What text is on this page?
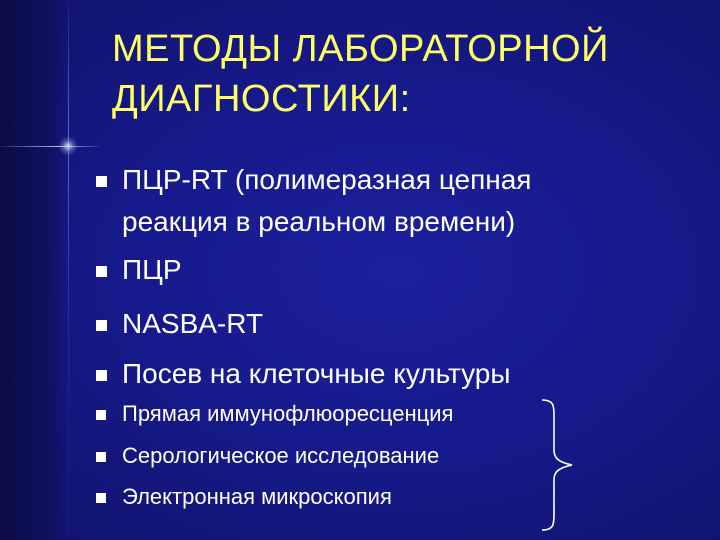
МЕТОДЫ ЛАБОРАТОРНОЙ
ДИАГНОСТИКИ:
ПЦР-RT (полимеразная цепная
реакция в реальном времени)
ПЦР
NASBA-RT
Посев на клеточные культуры
Прямая иммунофлюоресценция
Серологическое исследование
Электронная микроскопия
